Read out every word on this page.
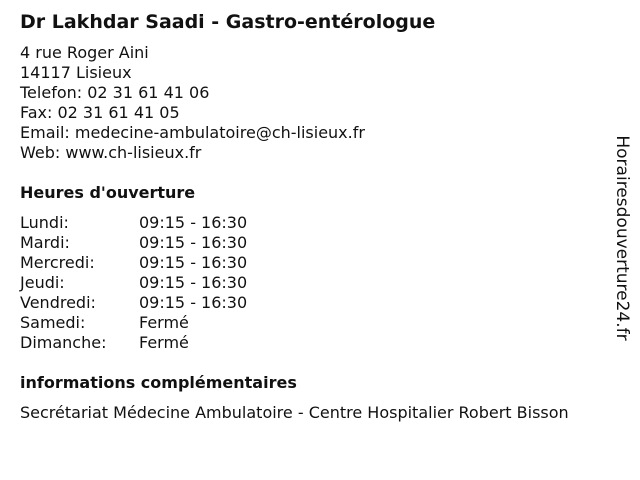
Dr Lakhdar Saadi - Gastro-entérologue
4 rue Roger Aini
14117 Lisieux
Telefon: 02 31 61 41 06
Fax: 02 31 61 41 05
Email: medecine-ambulatoire@ch-lisieux.fr
Web: www.ch-lisieux.fr
Heures d'ouverture
Lundi:	09:15 - 16:30
Mardi:	09:15 - 16:30
Mercredi:	09:15 - 16:30
Jeudi:	09:15 - 16:30
Vendredi:	09:15 - 16:30
Samedi:	Fermé
Dimanche: Fermé
informations complémentaires
Secrétariat Médecine Ambulatoire - Centre Hospitalier Robert Bisson
Horairesdouverture24.fr
